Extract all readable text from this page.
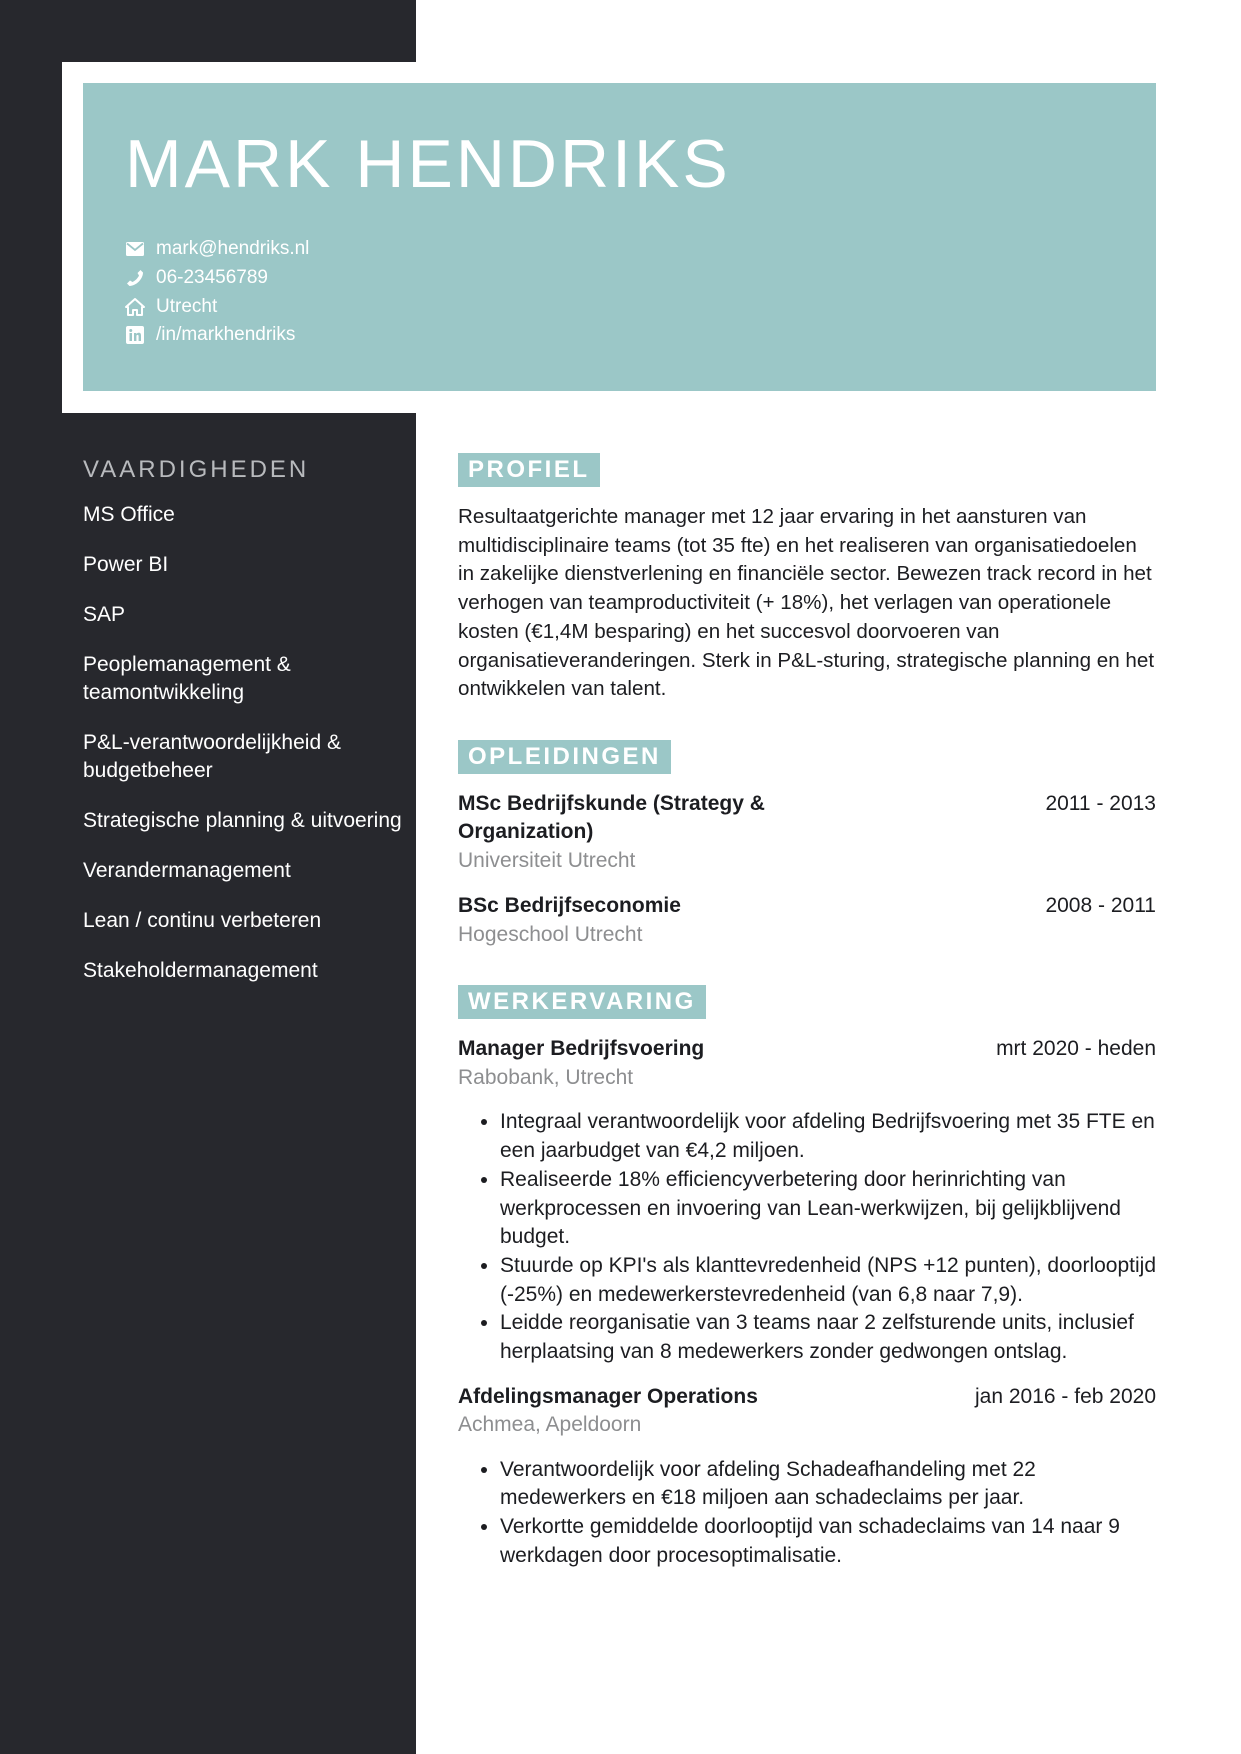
MARK HENDRIKS
mark@hendriks.nl
06-23456789
Utrecht
/in/markhendriks
VAARDIGHEDEN
MS Office
Power BI
SAP
Peoplemanagement & teamontwikkeling
P&L-verantwoordelijkheid & budgetbeheer
Strategische planning & uitvoering
Verandermanagement
Lean / continu verbeteren
Stakeholdermanagement
PROFIEL

Resultaatgerichte manager met 12 jaar ervaring in het aansturen van multidisciplinaire teams (tot 35 fte) en het realiseren van organisatiedoelen in zakelijke dienstverlening en financiële sector. Bewezen track record in het verhogen van teamproductiviteit (+ 18%), het verlagen van operationele kosten (€1,4M besparing) en het succesvol doorvoeren van organisatieveranderingen. Sterk in P&L-sturing, strategische planning en het ontwikkelen van talent.

OPLEIDINGEN
MSc Bedrijfskunde (Strategy & Organization)
2011 - 2013
Universiteit Utrecht
BSc Bedrijfseconomie	2008 - 2011
Hogeschool Utrecht
WERKERVARING
Manager Bedrijfsvoering	mrt 2020 - heden
Rabobank, Utrecht
• Integraal verantwoordelijk voor afdeling Bedrijfsvoering met 35 FTE en een jaarbudget van €4,2 miljoen.
• Realiseerde 18% efficiencyverbetering door herinrichting van werkprocessen en invoering van Lean-werkwijzen, bij gelijkblijvend budget.
• Stuurde op KPI's als klanttevredenheid (NPS +12 punten), doorlooptijd (-25%) en medewerkerstevredenheid (van 6,8 naar 7,9).
• Leidde reorganisatie van 3 teams naar 2 zelfsturende units, inclusief herplaatsing van 8 medewerkers zonder gedwongen ontslag.
Afdelingsmanager Operations	jan 2016 - feb 2020
Achmea, Apeldoorn
• Verantwoordelijk voor afdeling Schadeafhandeling met 22 medewerkers en €18 miljoen aan schadeclaims per jaar.
• Verkortte gemiddelde doorlooptijd van schadeclaims van 14 naar 9 werkdagen door procesoptimalisatie.
